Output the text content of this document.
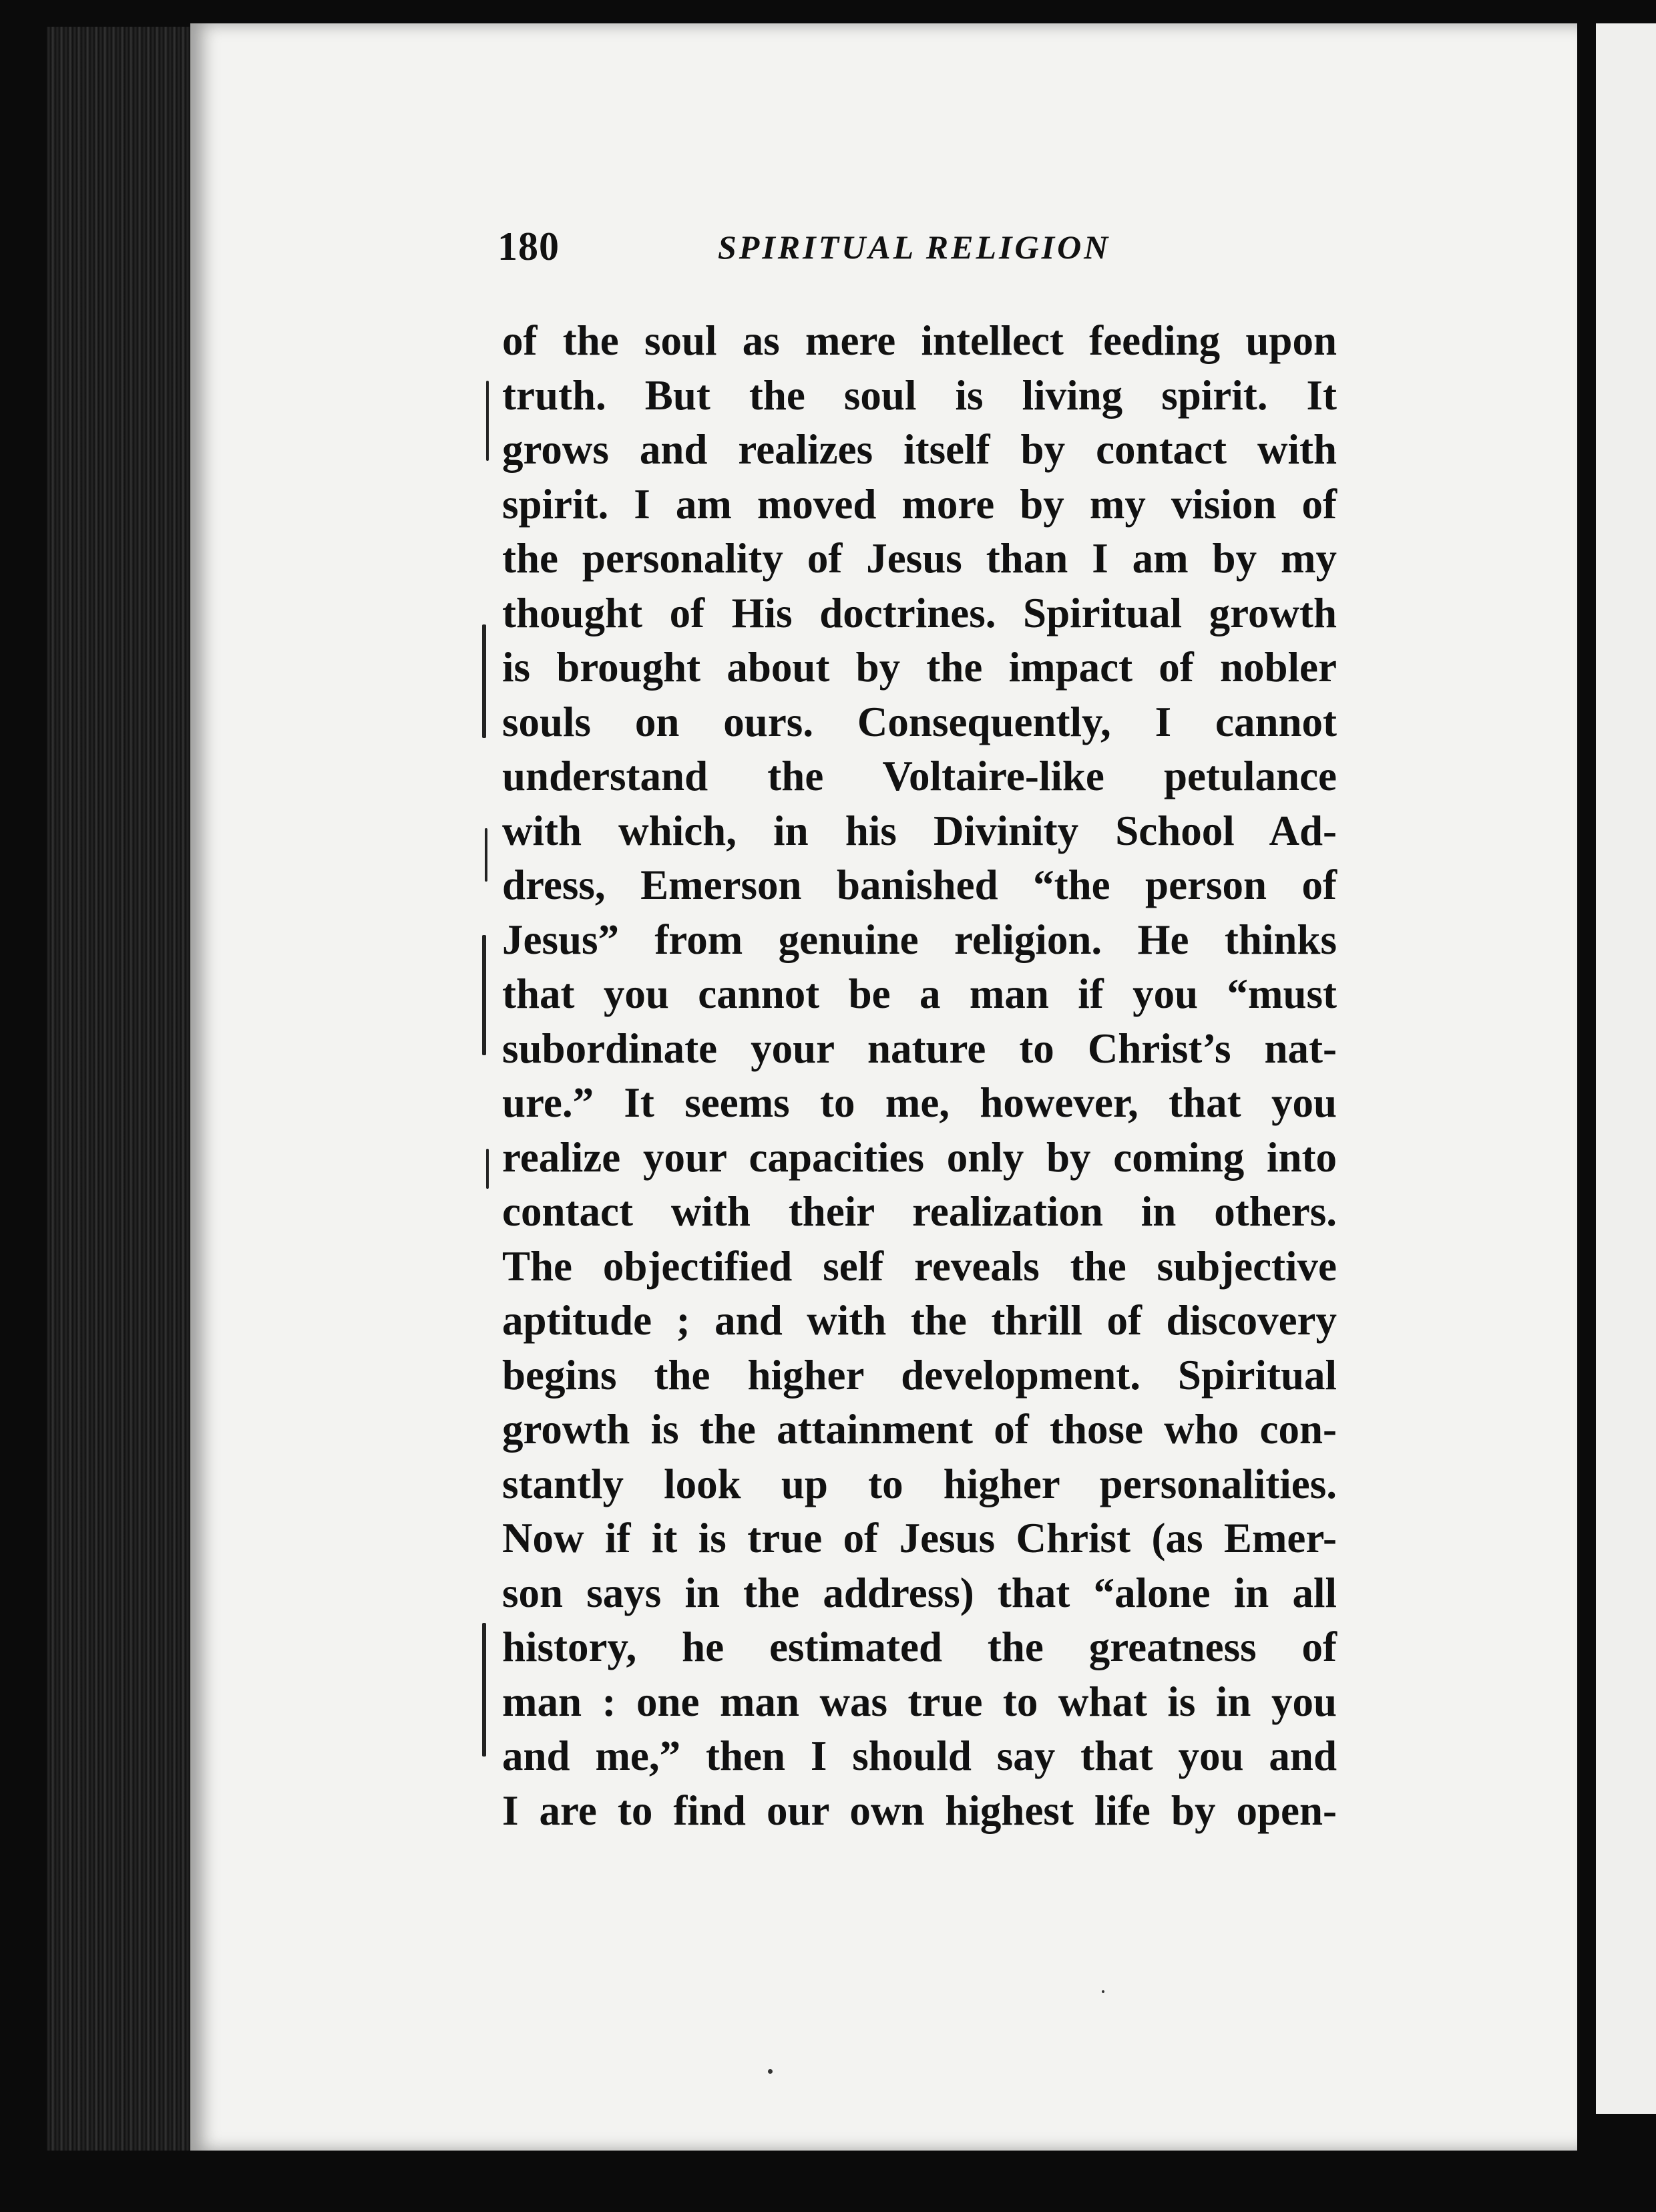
180	SPIRITUAL RELIGION
of the soul as mere intellect feeding upon
truth. But the soul is living spirit. It
grows and realizes itself by contact with
spirit. I am moved more by my vision of
the personality of Jesus than I am by my
thought of His doctrines. Spiritual growth
is brought about by the impact of nobler
souls on ours. Consequently, I cannot
understand the Voltaire-like petulance
with which, in his Divinity School Ad-
dress, Emerson banished “the person of
Jesus” from genuine religion. He thinks
that you cannot be a man if you “must
subordinate your nature to Christ’s nat-
ure.” It seems to me, however, that you
realize your capacities only by coming into
contact with their realization in others.
The objectified self reveals the subjective
aptitude ; and with the thrill of discovery
begins the higher development. Spiritual
growth is the attainment of those who con-
stantly look up to higher personalities.
Now if it is true of Jesus Christ (as Emer-
son says in the address) that “alone in all
history, he estimated the greatness of
man : one man was true to what is in you
and me,” then I should say that you and
I are to find our own highest life by open-
